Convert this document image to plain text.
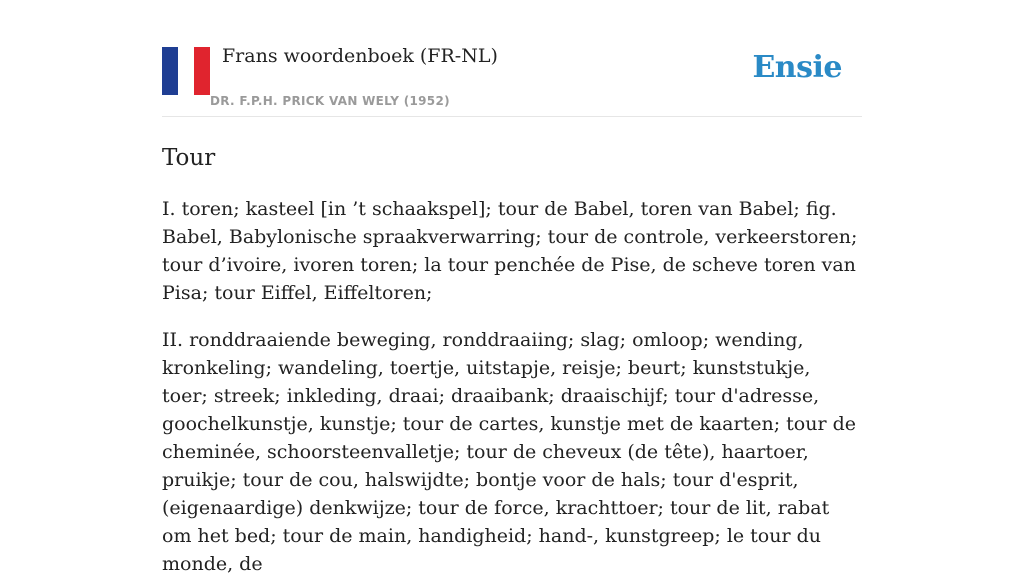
Frans woordenboek (FR-NL)
DR. F.P.H. PRICK VAN WELY (1952)
Ensie
Tour

I. toren; kasteel [in ’t schaakspel]; tour de Babel, toren van Babel; fig. Babel, Babylonische spraakverwarring; tour de controle, verkeerstoren; tour d’ivoire, ivoren toren; la tour penchée de Pise, de scheve toren van Pisa; tour Eiffel, Eiffeltoren;

II. ronddraaiende beweging, ronddraaiing; slag; omloop; wending, kronkeling; wandeling, toertje, uitstapje, reisje; beurt; kunststukje, toer; streek; inkleding, draai; draaibank; draaischijf; tour d'adresse, goochelkunstje, kunstje; tour de cartes, kunstje met de kaarten; tour de cheminée, schoorsteenvalletje; tour de cheveux (de tête), haartoer, pruikje; tour de cou, halswijdte; bontje voor de hals; tour d'esprit, (eigenaardige) denkwijze; tour de force, krachttoer; tour de lit, rabat om het bed; tour de main, handigheid; hand-, kunstgreep; le tour du monde, de
